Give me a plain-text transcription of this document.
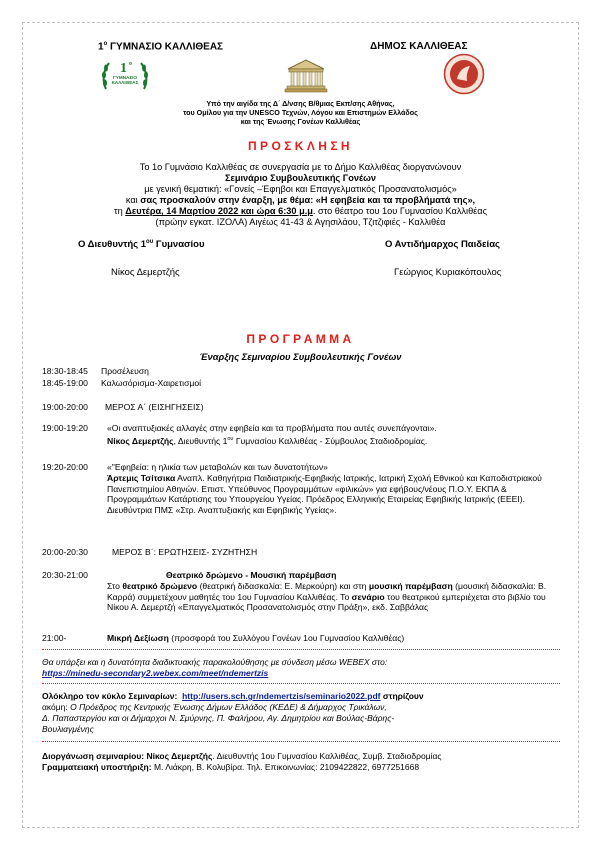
$1^o$ ΓΥΜΝΑΣΙΟ ΚΑΛΛΙΘΕΑΣ	ΔΗΜΟΣ ΚΑΛΛΙΘΕΑΣ
1 ο
ΓΥΜΝΑΣΙΟ
ΚΑΛΛΙΘΕΑΣ
Υπό την αιγίδα της Δ΄ Δ/νσης Β/θμιας Εκπ/σης Αθήνας,
του Ομίλου για την UNESCO Τεχνών, Λόγου και Επιστημών Ελλάδος
και της Ένωσης Γονέων Καλλιθέας
ΠΡΟΣΚΛΗΣΗ
Το 1ο Γυμνάσιο Καλλιθέας σε συνεργασία με το Δήμο Καλλιθέας διοργανώνουν
Σεμινάριο Συμβουλευτικής Γονέων
με γενική θεματική: «Γονείς –Έφηβοι και Επαγγελματικός Προσανατολισμός»
και σας προσκαλούν στην έναρξη, με θέμα: «Η εφηβεία και τα προβλήματά της»,
τη Δευτέρα, 14 Μαρτίου 2022 και ώρα 6:30 μ.μ. στο θέατρο του 1ου Γυμνασίου Καλλιθέας
(πρώην εγκατ. ΙΖΟΛΑ) Αιγέως 41-43 & Αγησιλάου, Τζιτζιφιές - Καλλιθέα
Ο Διευθυντής $1^{o\upsilon}$ Γυμνασίου
Νίκος Δεμερτζής
Ο Αντιδήμαρχος Παιδείας
Γεώργιος Κυριακόπουλος
ΠΡΟΓΡΑΜΜΑ
Έναρξης Σεμιναρίου Συμβουλευτικής Γονέων
18:30-18:45 Προσέλευση
18:45-19:00 Καλωσόρισμα-Χαιρετισμοί
19:00-20:00 ΜΕΡΟΣ Α΄ (ΕΙΣΗΓΗΣΕΙΣ)
19:00-19:20 «Οι αναπτυξιακές αλλαγές στην εφηβεία και τα προβλήματα που αυτές συνεπάγονται».
Νίκος Δεμερτζής, Διευθυντής $1^{o\upsilon}$ Γυμνασίου Καλλιθέας - Σύμβουλος Σταδιοδρομίας.
19:20-20:00 «"Εφηβεία: η ηλικία των μεταβολών και των δυνατοτήτων»
Άρτεμις Τσίτσικα Αναπλ. Καθηγήτρια Παιδιατρικής-Εφηβικής Ιατρικής, Ιατρική Σχολή Εθνικού και Καποδιστριακού Πανεπιστημίου Αθηνών. Επιστ. Υπεύθυνος Προγραμμάτων «φιλικών» για εφήβους/νέους Π.Ο.Υ. ΕΚΠΑ & Προγραμμάτων Κατάρτισης του Υπουργείου Υγείας. Πρόεδρος Ελληνικής Εταιρείας Εφηβικής Ιατρικής (ΕΕΕΙ). Διευθύντρια ΠΜΣ «Στρ. Αναπτυξιακής και Εφηβικής Υγείας».
20:00-20:30	ΜΕΡΟΣ Β΄: ΕΡΩΤΗΣΕΙΣ- ΣΥΖΗΤΗΣΗ
20:30-21:00	Θεατρικό δρώμενο - Μουσική παρέμβαση
Στο θεατρικό δρώμενο (θεατρική διδασκαλία: Ε. Μερκούρη) και στη μουσική παρέμβαση (μουσική διδασκαλία: Β. Καρρά) συμμετέχουν μαθητές του 1ου Γυμνασίου Καλλιθέας. Το σενάριο του θεατρικού εμπεριέχεται στο βιβλίο του Νίκου Α. Δεμερτζή «Επαγγελματικός Προσανατολισμός στην Πράξη», εκδ. Σαββάλας
21:00-	Μικρή Δεξίωση (προσφορά του Συλλόγου Γονέων 1ου Γυμνασίου Καλλιθέας)
Θα υπάρξει και η δυνατότητα διαδικτυακής παρακολούθησης με σύνδεση μέσω WEBEX στο:
https://minedu-secondary2.webex.com/meet/ndemertzis
Ολόκληρο τον κύκλο Σεμιναρίων: http://users.sch.gr/ndemertzis/seminario2022.pdf στηρίζουν
ακόμη: Ο Πρόεδρος της Κεντρικής Ένωσης Δήμων Ελλάδος (ΚΕΔΕ) & Δήμαρχος Τρικάλων,
Δ. Παπαστεργίου και οι Δήμαρχοι Ν. Σμύρνης, Π. Φαλήρου, Αγ. Δημητρίου και Βούλας-Βάρης-
Βουλιαγμένης
Διοργάνωση σεμιναρίου: Νίκος Δεμερτζής. Διευθυντής 1ου Γυμνασίου Καλλιθέας, Συμβ. Σταδιοδρομίας
Γραμματειακή υποστήριξη: Μ. Λιάκρη, Β. Κολυβίρα. Τηλ. Επικοινωνίας: 2109422822, 6977251668
